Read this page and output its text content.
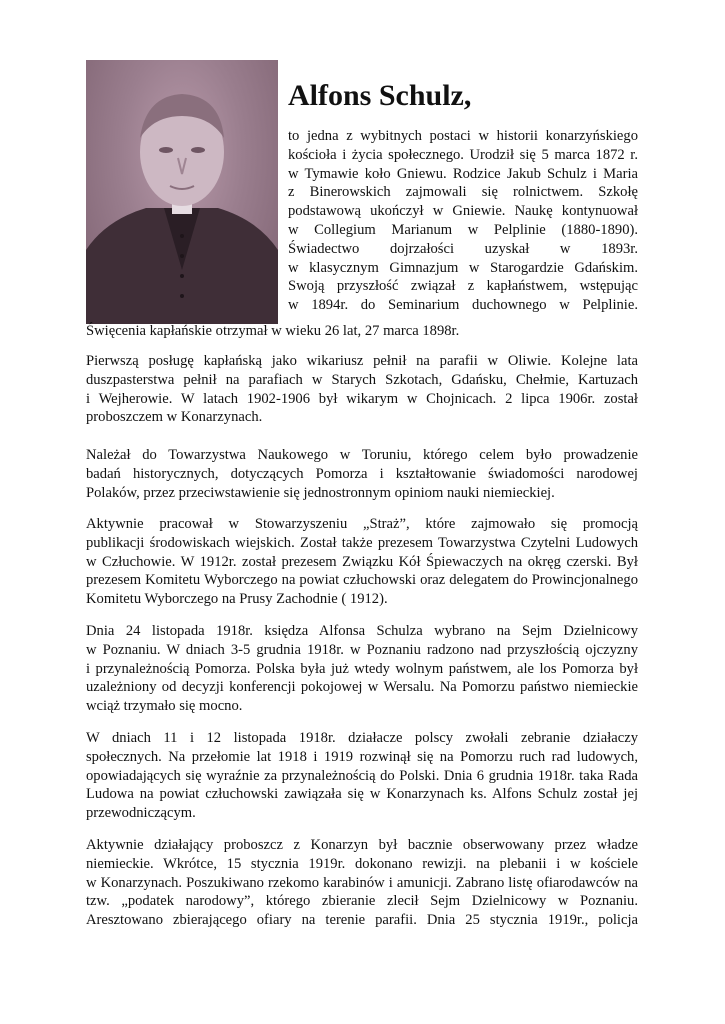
Alfons Schulz,
to jedna z wybitnych postaci w historii konarzyńskiego
kościoła i życia społecznego. Urodził się 5 marca 1872 r.
w Tymawie koło Gniewu. Rodzice Jakub Schulz i Maria
z Binerowskich zajmowali się rolnictwem. Szkołę
podstawową ukończył w Gniewie. Naukę kontynuował
w Collegium Marianum w Pelplinie (1880-1890).
Świadectwo dojrzałości uzyskał w 1893r.
w klasycznym Gimnazjum w Starogardzie Gdańskim.
Swoją przyszłość związał z kapłaństwem, wstępując
w 1894r. do Seminarium duchownego w Pelplinie.
Święcenia kapłańskie otrzymał w wieku 26 lat, 27 marca 1898r.
Pierwszą posługę kapłańską jako wikariusz pełnił na parafii w Oliwie. Kolejne lata
duszpasterstwa pełnił na parafiach w Starych Szkotach, Gdańsku, Chełmie, Kartuzach
i Wejherowie. W latach 1902-1906 był wikarym w Chojnicach. 2 lipca 1906r. został
proboszczem w Konarzynach.
Należał do Towarzystwa Naukowego w Toruniu, którego celem było prowadzenie
badań historycznych, dotyczących Pomorza i kształtowanie świadomości narodowej
Polaków, przez przeciwstawienie się jednostronnym opiniom nauki niemieckiej.
Aktywnie pracował w Stowarzyszeniu „Straż”, które zajmowało się promocją
publikacji środowiskach wiejskich. Został także prezesem Towarzystwa Czytelni Ludowych
w Człuchowie. W 1912r. został prezesem Związku Kół Śpiewaczych na okręg czerski. Był
prezesem Komitetu Wyborczego na powiat człuchowski oraz delegatem do Prowincjonalnego
Komitetu Wyborczego na Prusy Zachodnie ( 1912).
Dnia 24 listopada 1918r. księdza Alfonsa Schulza wybrano na Sejm Dzielnicowy
w Poznaniu. W dniach 3-5 grudnia 1918r. w Poznaniu radzono nad przyszłością ojczyzny
i przynależnością Pomorza. Polska była już wtedy wolnym państwem, ale los Pomorza był
uzależniony od decyzji konferencji pokojowej w Wersalu. Na Pomorzu państwo niemieckie
wciąż trzymało się mocno.
W dniach 11 i 12 listopada 1918r. działacze polscy zwołali zebranie działaczy
społecznych. Na przełomie lat 1918 i 1919 rozwinął się na Pomorzu ruch rad ludowych,
opowiadających się wyraźnie za przynależnością do Polski. Dnia 6 grudnia 1918r. taka Rada
Ludowa na powiat człuchowski zawiązała się w Konarzynach ks. Alfons Schulz został jej
przewodniczącym.
Aktywnie działający proboszcz z Konarzyn był bacznie obserwowany przez władze
niemieckie. Wkrótce, 15 stycznia 1919r. dokonano rewizji. na plebanii i w kościele
w Konarzynach. Poszukiwano rzekomo karabinów i amunicji. Zabrano listę ofiarodawców na
tzw. „podatek narodowy”, którego zbieranie zlecił Sejm Dzielnicowy w Poznaniu.
Aresztowano zbierającego ofiary na terenie parafii. Dnia 25 stycznia 1919r., policja
